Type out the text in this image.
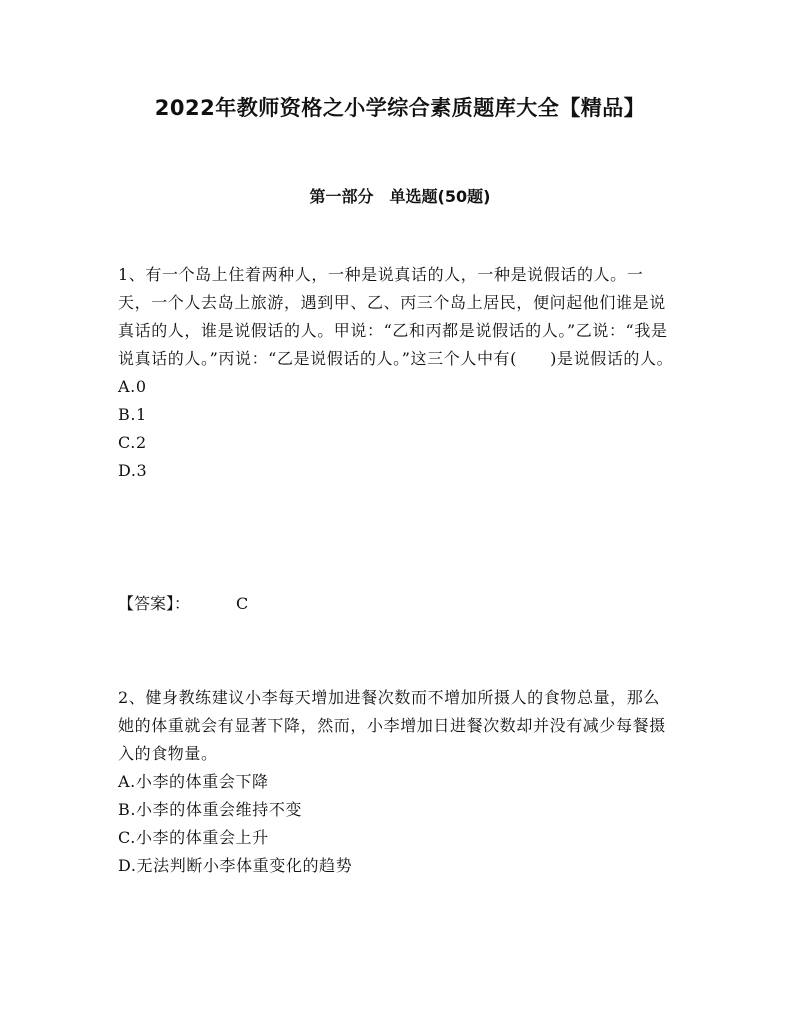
2022年教师资格之小学综合素质题库大全【精品】
第一部分　单选题(50题)

1、有一个岛上住着两种人，一种是说真话的人，一种是说假话的人。一天，一个人去岛上旅游，遇到甲、乙、丙三个岛上居民，便问起他们谁是说真话的人，谁是说假话的人。甲说：“乙和丙都是说假话的人。”乙说：“我是说真话的人。”丙说：“乙是说假话的人。”这三个人中有(　　)是说假话的人。

A.0

B.1

C.2

D.3

【答案】：	C

2、健身教练建议小李每天增加进餐次数而不增加所摄人的食物总量，那么她的体重就会有显著下降，然而，小李增加日进餐次数却并没有减少每餐摄入的食物量。

A.小李的体重会下降

B.小李的体重会维持不变

C.小李的体重会上升

D.无法判断小李体重变化的趋势
